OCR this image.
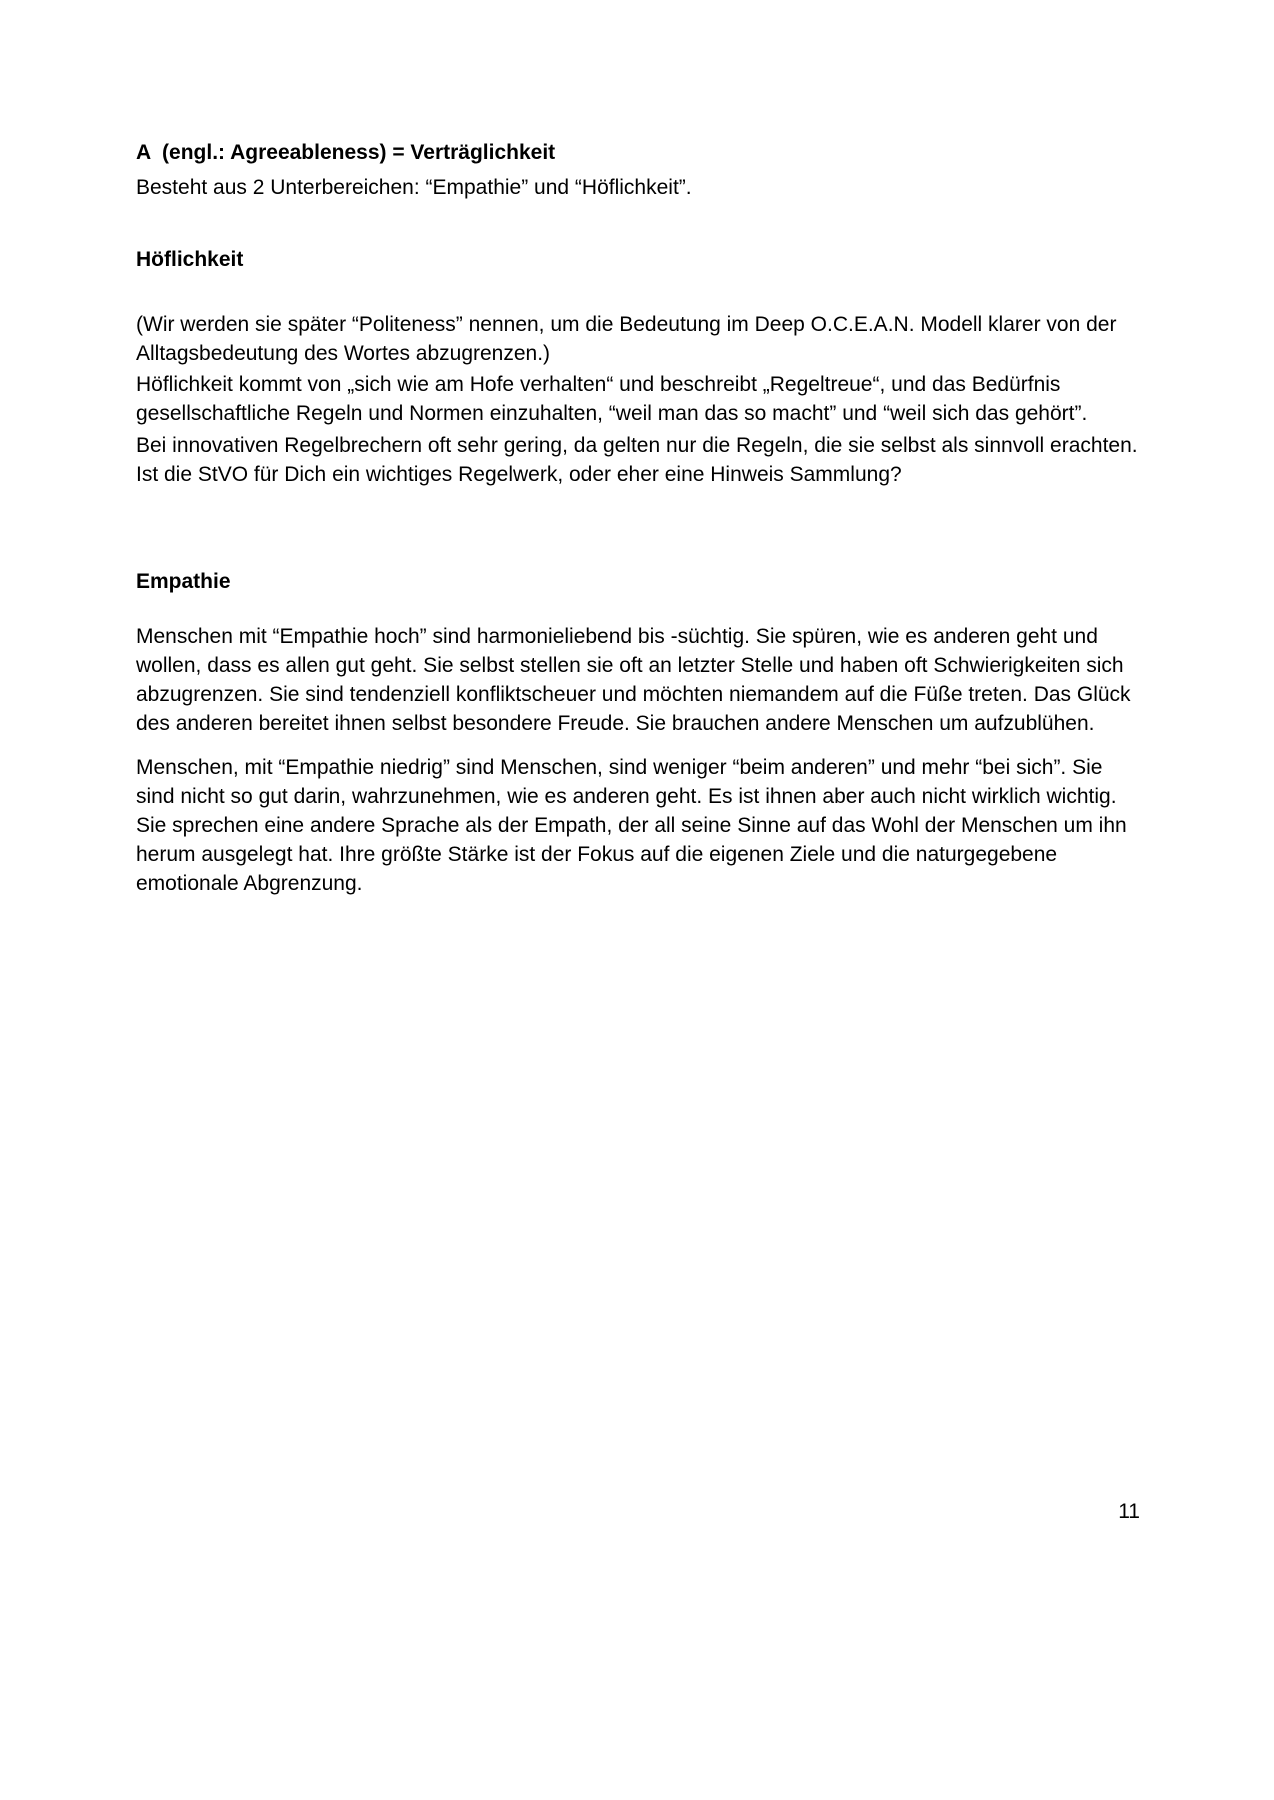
A  (engl.: Agreeableness) = Verträglichkeit

Besteht aus 2 Unterbereichen: “Empathie” und “Höflichkeit”.

Höflichkeit

(Wir werden sie später “Politeness” nennen, um die Bedeutung im Deep O.C.E.A.N. Modell klarer von der Alltagsbedeutung des Wortes abzugrenzen.)

Höflichkeit kommt von „sich wie am Hofe verhalten“ und beschreibt „Regeltreue“, und das Bedürfnis gesellschaftliche Regeln und Normen einzuhalten, “weil man das so macht” und “weil sich das gehört”.

Bei innovativen Regelbrechern oft sehr gering, da gelten nur die Regeln, die sie selbst als sinnvoll erachten. Ist die StVO für Dich ein wichtiges Regelwerk, oder eher eine Hinweis Sammlung?

Empathie

Menschen mit “Empathie hoch” sind harmonieliebend bis -süchtig. Sie spüren, wie es anderen geht und wollen, dass es allen gut geht. Sie selbst stellen sie oft an letzter Stelle und haben oft Schwierigkeiten sich abzugrenzen. Sie sind tendenziell konfliktscheuer und möchten niemandem auf die Füße treten. Das Glück des anderen bereitet ihnen selbst besondere Freude. Sie brauchen andere Menschen um aufzublühen.

Menschen, mit “Empathie niedrig” sind Menschen, sind weniger “beim anderen” und mehr “bei sich”. Sie sind nicht so gut darin, wahrzunehmen, wie es anderen geht. Es ist ihnen aber auch nicht wirklich wichtig. Sie sprechen eine andere Sprache als der Empath, der all seine Sinne auf das Wohl der Menschen um ihn herum ausgelegt hat. Ihre größte Stärke ist der Fokus auf die eigenen Ziele und die naturgegebene emotionale Abgrenzung.

11
